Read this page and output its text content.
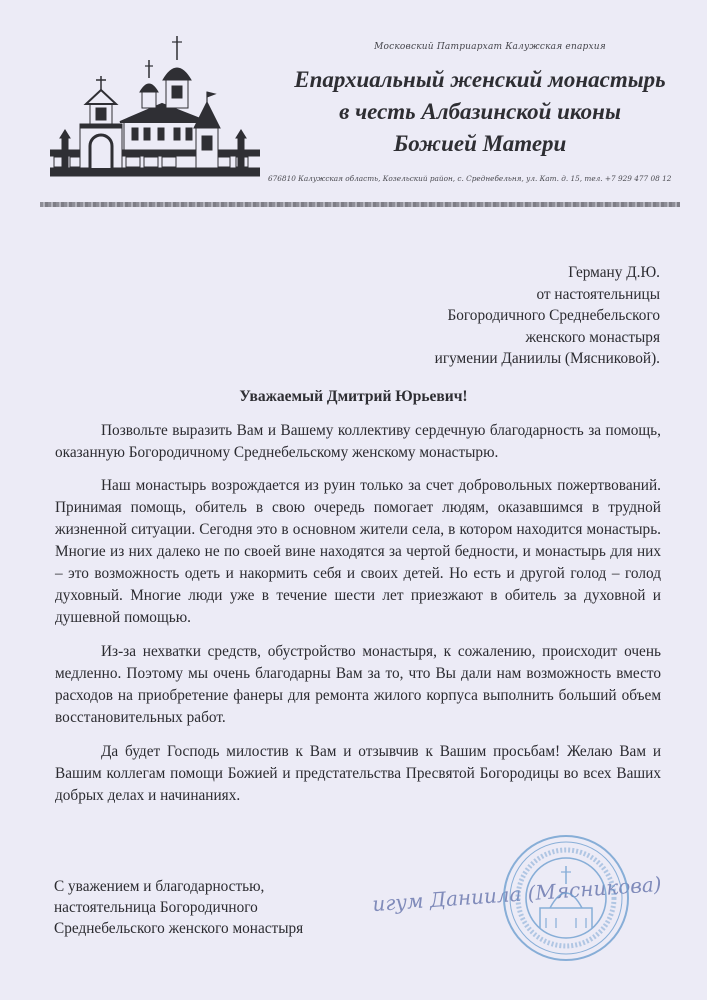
Московский Патриархат Калужская епархия
Епархиальный женский монастырь
в честь Албазинской иконы
Божией Матери
676810 Калужская область, Козельский район, с. Среднебельня, ул. Кат. д. 15, тел. +7 929 477 08 12
Герману Д.Ю.
от настоятельницы
Богородичного Среднебельского
женского монастыря
игумении Даниилы (Мясниковой).
Уважаемый Дмитрий Юрьевич!

Позвольте выразить Вам и Вашему коллективу сердечную благодарность за помощь, оказанную Богородичному Среднебельскому женскому монастырю.

Наш монастырь возрождается из руин только за счет добровольных пожертвований. Принимая помощь, обитель в свою очередь помогает людям, оказавшимся в трудной жизненной ситуации. Сегодня это в основном жители села, в котором находится монастырь. Многие из них далеко не по своей вине находятся за чертой бедности, и монастырь для них – это возможность одеть и накормить себя и своих детей. Но есть и другой голод – голод духовный. Многие люди уже в течение шести лет приезжают в обитель за духовной и душевной помощью.

Из-за нехватки средств, обустройство монастыря, к сожалению, происходит очень медленно. Поэтому мы очень благодарны Вам за то, что Вы дали нам возможность вместо расходов на приобретение фанеры для ремонта жилого корпуса выполнить больший объем восстановительных работ.

Да будет Господь милостив к Вам и отзывчив к Вашим просьбам! Желаю Вам и Вашим коллегам помощи Божией и предстательства Пресвятой Богородицы во всех Ваших добрых делах и начинаниях.

С уважением и благодарностью,
настоятельница Богородичного
Среднебельского женского монастыря
игум Даниила (Мясникова)
